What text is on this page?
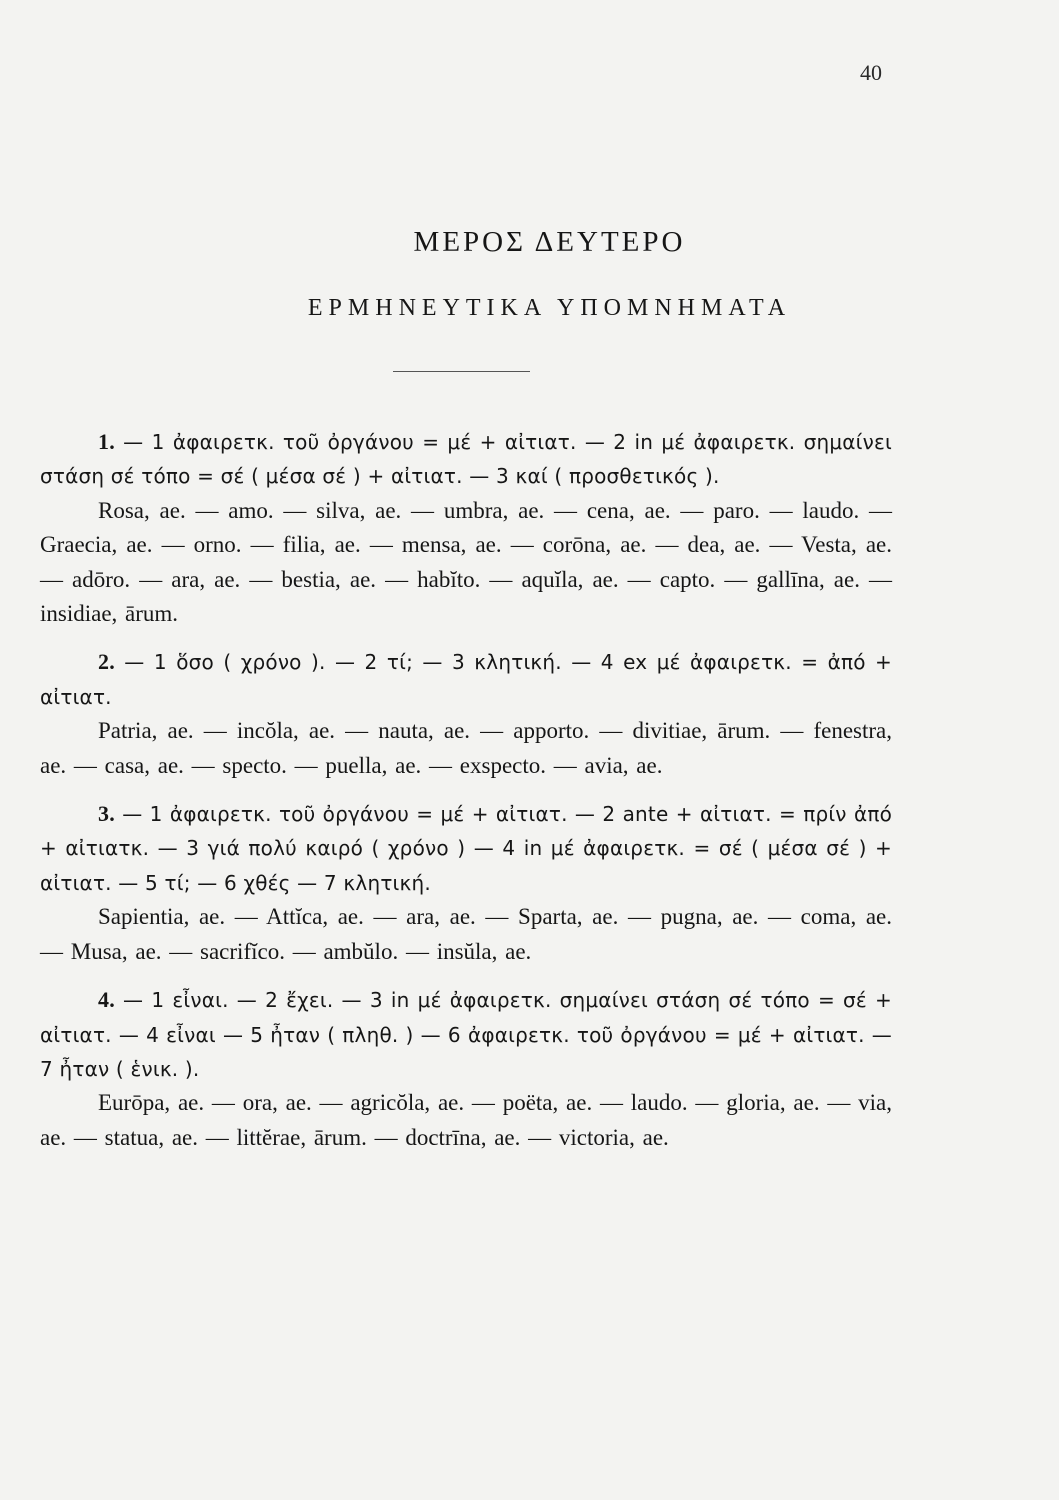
40
ΜΕΡΟΣ ΔΕΥΤΕΡΟ
ΕΡΜΗΝΕΥΤΙΚΑ ΥΠΟΜΝΗΜΑΤΑ

1. — 1 ἀφαιρετκ. τοῦ ὀργάνου = μέ + αἰτιατ. — 2 in μέ ἀφαιρετκ. σημαίνει στάση σέ τόπο = σέ ( μέσα σέ ) + αἰτιατ. — 3 καί ( προσθετικός ).

Rosa, ae. — amo. — silva, ae. — umbra, ae. — cena, ae. — paro. — laudo. — Graecia, ae. — orno. — filia, ae. — mensa, ae. — corōna, ae. — dea, ae. — Vesta, ae. — adōro. — ara, ae. — bestia, ae. — habĭto. — aquĭla, ae. — capto. — gallīna, ae. — insidiae, ārum.

2. — 1 ὅσο ( χρόνο ). — 2 τί; — 3 κλητική. — 4 ex μέ ἀφαιρετκ. = ἀπό + αἰτιατ.

Patria, ae. — incŏla, ae. — nauta, ae. — apporto. — divitiae, ārum. — fenestra, ae. — casa, ae. — specto. — puella, ae. — exspecto. — avia, ae.

3. — 1 ἀφαιρετκ. τοῦ ὀργάνου = μέ + αἰτιατ. — 2 ante + αἰτιατ. = πρίν ἀπό + αἰτιατκ. — 3 γιά πολύ καιρό ( χρόνο ) — 4 in μέ ἀφαιρετκ. = σέ ( μέσα σέ ) + αἰτιατ. — 5 τί; — 6 χθές — 7 κλητική.

Sapientia, ae. — Attĭca, ae. — ara, ae. — Sparta, ae. — pugna, ae. — coma, ae. — Musa, ae. — sacrifĭco. — ambŭlo. — insŭla, ae.

4. — 1 εἶναι. — 2 ἔχει. — 3 in μέ ἀφαιρετκ. σημαίνει στάση σέ τόπο = σέ + αἰτιατ. — 4 εἶναι — 5 ἦταν ( πληθ. ) — 6 ἀφαιρετκ. τοῦ ὀργάνου = μέ + αἰτιατ. — 7 ἦταν ( ἑνικ. ).

Eurōpa, ae. — ora, ae. — agricŏla, ae. — poëta, ae. — laudo. — gloria, ae. — via, ae. — statua, ae. — littĕrae, ārum. — doctrīna, ae. — victoria, ae.
